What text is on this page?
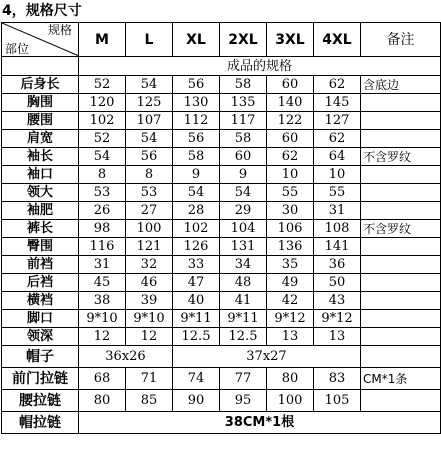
4，规格尺寸
规格
部位	M	L	XL	2XL	3XL	4XL	备注
	成品的规格						
后身长	52	54	56	58	60	62	含底边
胸围	120	125	130	135	140	145	
腰围	102	107	112	117	122	127	
肩宽	52	54	56	58	60	62	
袖长	54	56	58	60	62	64	不含罗纹
袖口	8	8	9	9	10	10	
领大	53	53	54	54	55	55	
袖肥	26	27	28	29	30	31	
裤长	98	100	102	104	106	108	不含罗纹
臀围	116	121	126	131	136	141	
前裆	31	32	33	34	35	36	
后裆	45	46	47	48	49	50	
横裆	38	39	40	41	42	43	
脚口	9*10	9*10	9*11	9*11	9*12	9*12	
领深	12	12	12.5	12.5	13	13	
帽子	36x26		37x27				
前门拉链	68	71	74	77	80	83	CM*1条
腰拉链	80	85	90	95	100	105	
帽拉链	38CM*1根						
